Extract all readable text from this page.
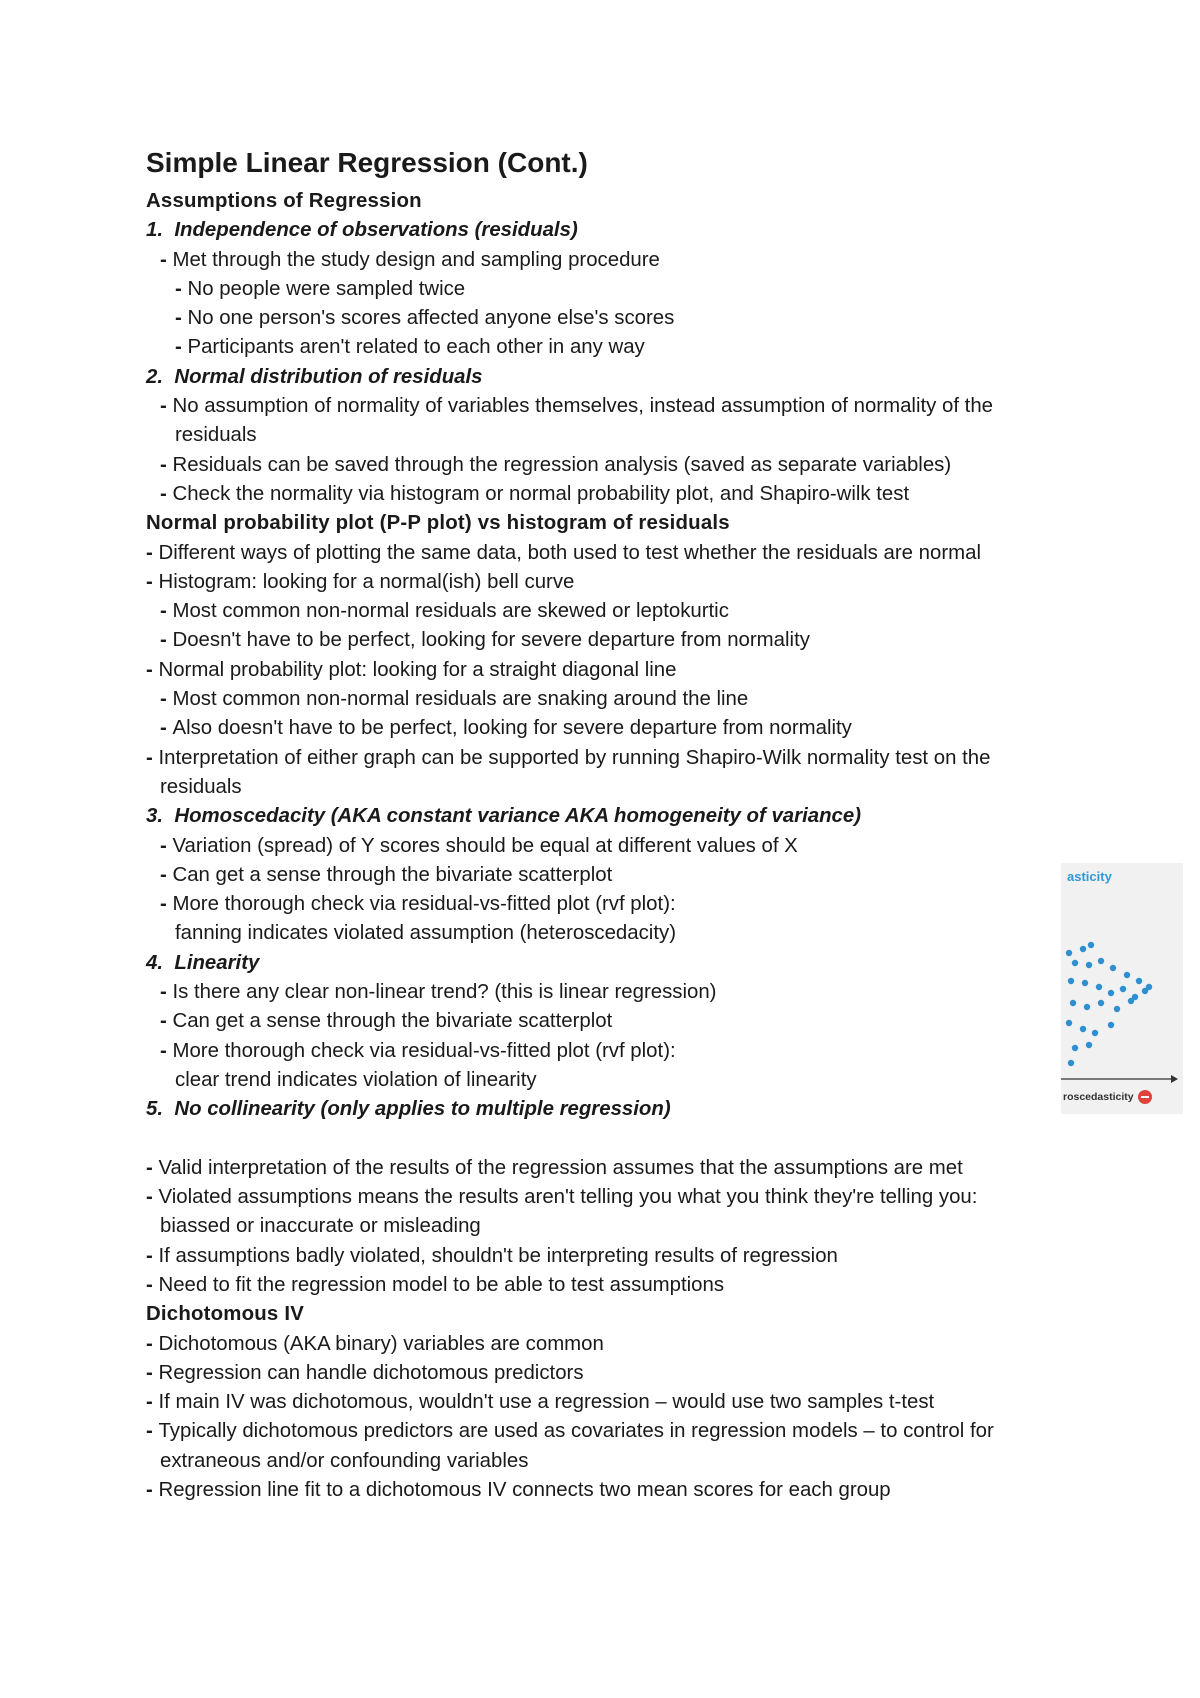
Simple Linear Regression (Cont.)
Assumptions of Regression
1. Independence of observations (residuals)
- Met through the study design and sampling procedure
- No people were sampled twice
- No one person's scores affected anyone else's scores
- Participants aren't related to each other in any way
2. Normal distribution of residuals
- No assumption of normality of variables themselves, instead assumption of normality of the
residuals
- Residuals can be saved through the regression analysis (saved as separate variables)
- Check the normality via histogram or normal probability plot, and Shapiro-wilk test
Normal probability plot (P-P plot) vs histogram of residuals
- Different ways of plotting the same data, both used to test whether the residuals are normal
- Histogram: looking for a normal(ish) bell curve
- Most common non-normal residuals are skewed or leptokurtic
- Doesn't have to be perfect, looking for severe departure from normality
- Normal probability plot: looking for a straight diagonal line
- Most common non-normal residuals are snaking around the line
- Also doesn't have to be perfect, looking for severe departure from normality
- Interpretation of either graph can be supported by running Shapiro-Wilk normality test on the
residuals
3. Homoscedacity (AKA constant variance AKA homogeneity of variance)
- Variation (spread) of Y scores should be equal at different values of X
- Can get a sense through the bivariate scatterplot
- More thorough check via residual-vs-fitted plot (rvf plot):
fanning indicates violated assumption (heteroscedacity)
4. Linearity
- Is there any clear non-linear trend? (this is linear regression)
- Can get a sense through the bivariate scatterplot
- More thorough check via residual-vs-fitted plot (rvf plot):
clear trend indicates violation of linearity
5. No collinearity (only applies to multiple regression)
- Valid interpretation of the results of the regression assumes that the assumptions are met
- Violated assumptions means the results aren't telling you what you think they're telling you:
biassed or inaccurate or misleading
- If assumptions badly violated, shouldn't be interpreting results of regression
- Need to fit the regression model to be able to test assumptions
Dichotomous IV
- Dichotomous (AKA binary) variables are common
- Regression can handle dichotomous predictors
- If main IV was dichotomous, wouldn't use a regression – would use two samples t-test
- Typically dichotomous predictors are used as covariates in regression models – to control for
extraneous and/or confounding variables
- Regression line fit to a dichotomous IV connects two mean scores for each group
asticity
roscedasticity
